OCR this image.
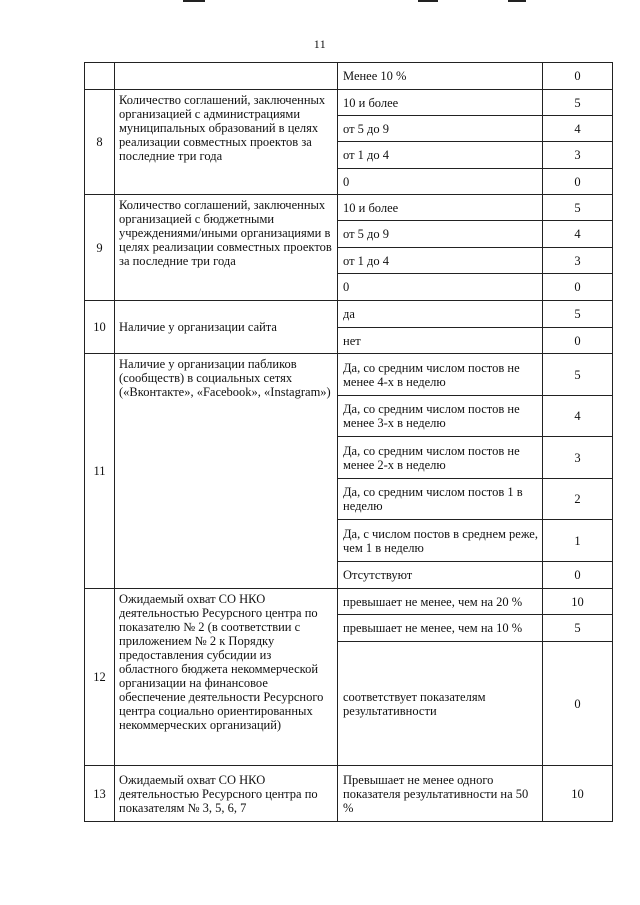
11
		Менее 10 %	0
8	Количество соглашений, заключенных организацией с администрациями муниципальных образований в целях реализации совместных проектов за последние три года	10 и более	5
		от 5 до 9	4
		от 1 до 4	3
		0	0
9	Количество соглашений, заключенных организацией с бюджетными учреждениями/иными организациями в целях реализации совместных проектов за последние три года	10 и более	5
		от 5 до 9	4
		от 1 до 4	3
		0	0
10	Наличие у организации сайта	да	5
		нет	0
11	Наличие у организации пабликов (сообществ) в социальных сетях («Вконтакте», «Facebook», «Instagram»)	Да, со средним числом постов не менее 4-х в неделю	5
		Да, со средним числом постов не менее 3-х в неделю	4
		Да, со средним числом постов не менее 2-х в неделю	3
		Да, со средним числом постов 1 в неделю	2
		Да, с числом постов в среднем реже, чем 1 в неделю	1
		Отсутствуют	0
12	Ожидаемый охват СО НКО деятельностью Ресурсного центра по показателю № 2 (в соответствии с приложением № 2 к Порядку предоставления субсидии из областного бюджета некоммерческой организации на финансовое обеспечение деятельности Ресурсного центра социально ориентированных некоммерческих организаций)	превышает не менее, чем на 20 %	10
		превышает не менее, чем на 10 %	5
		соответствует показателям результативности	0
13	Ожидаемый охват СО НКО деятельностью Ресурсного центра по показателям № 3, 5, 6, 7	Превышает не менее одного показателя результативности на 50 %	10
